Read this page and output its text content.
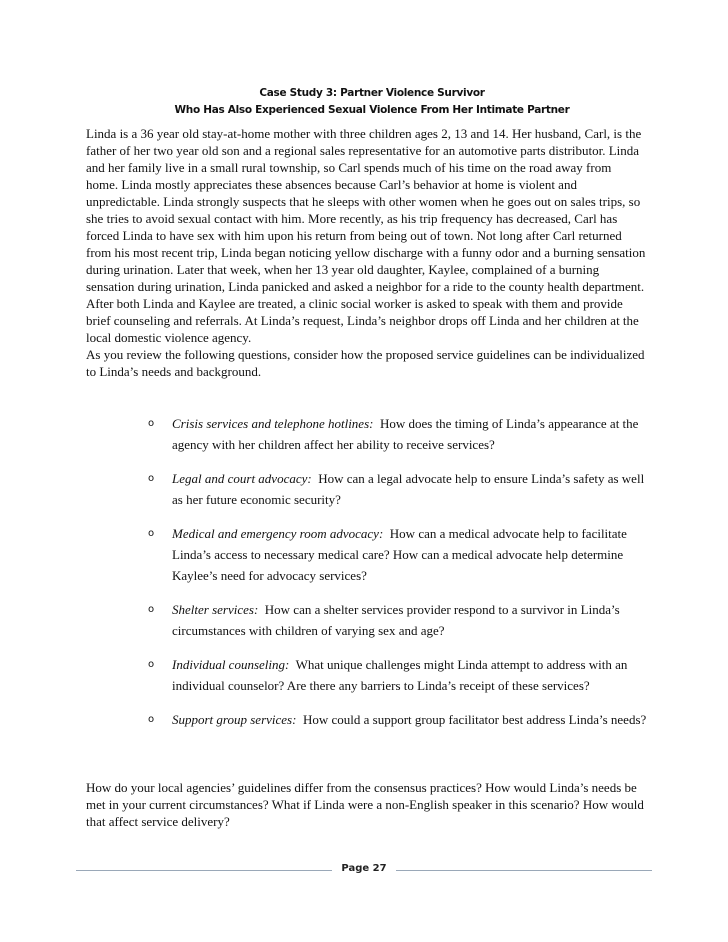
Case Study 3: Partner Violence Survivor
Who Has Also Experienced Sexual Violence From Her Intimate Partner

Linda is a 36 year old stay-at-home mother with three children ages 2, 13 and 14. Her husband, Carl, is the father of her two year old son and a regional sales representative for an automotive parts distributor. Linda and her family live in a small rural township, so Carl spends much of his time on the road away from home. Linda mostly appreciates these absences because Carl’s behavior at home is violent and unpredictable. Linda strongly suspects that he sleeps with other women when he goes out on sales trips, so she tries to avoid sexual contact with him. More recently, as his trip frequency has decreased, Carl has forced Linda to have sex with him upon his return from being out of town. Not long after Carl returned from his most recent trip, Linda began noticing yellow discharge with a funny odor and a burning sensation during urination. Later that week, when her 13 year old daughter, Kaylee, complained of a burning sensation during urination, Linda panicked and asked a neighbor for a ride to the county health department. After both Linda and Kaylee are treated, a clinic social worker is asked to speak with them and provide brief counseling and referrals. At Linda’s request, Linda’s neighbor drops off Linda and her children at the local domestic violence agency.

As you review the following questions, consider how the proposed service guidelines can be individualized to Linda’s needs and background.

o Crisis services and telephone hotlines: How does the timing of Linda’s appearance at the agency with her children affect her ability to receive services?
o Legal and court advocacy: How can a legal advocate help to ensure Linda’s safety as well as her future economic security?
o Medical and emergency room advocacy: How can a medical advocate help to facilitate Linda’s access to necessary medical care? How can a medical advocate help determine Kaylee’s need for advocacy services?
o Shelter services: How can a shelter services provider respond to a survivor in Linda’s circumstances with children of varying sex and age?
o Individual counseling: What unique challenges might Linda attempt to address with an individual counselor? Are there any barriers to Linda’s receipt of these services?
o Support group services: How could a support group facilitator best address Linda’s needs?

How do your local agencies’ guidelines differ from the consensus practices? How would Linda’s needs be met in your current circumstances? What if Linda were a non-English speaker in this scenario? How would that affect service delivery?

Page 27
